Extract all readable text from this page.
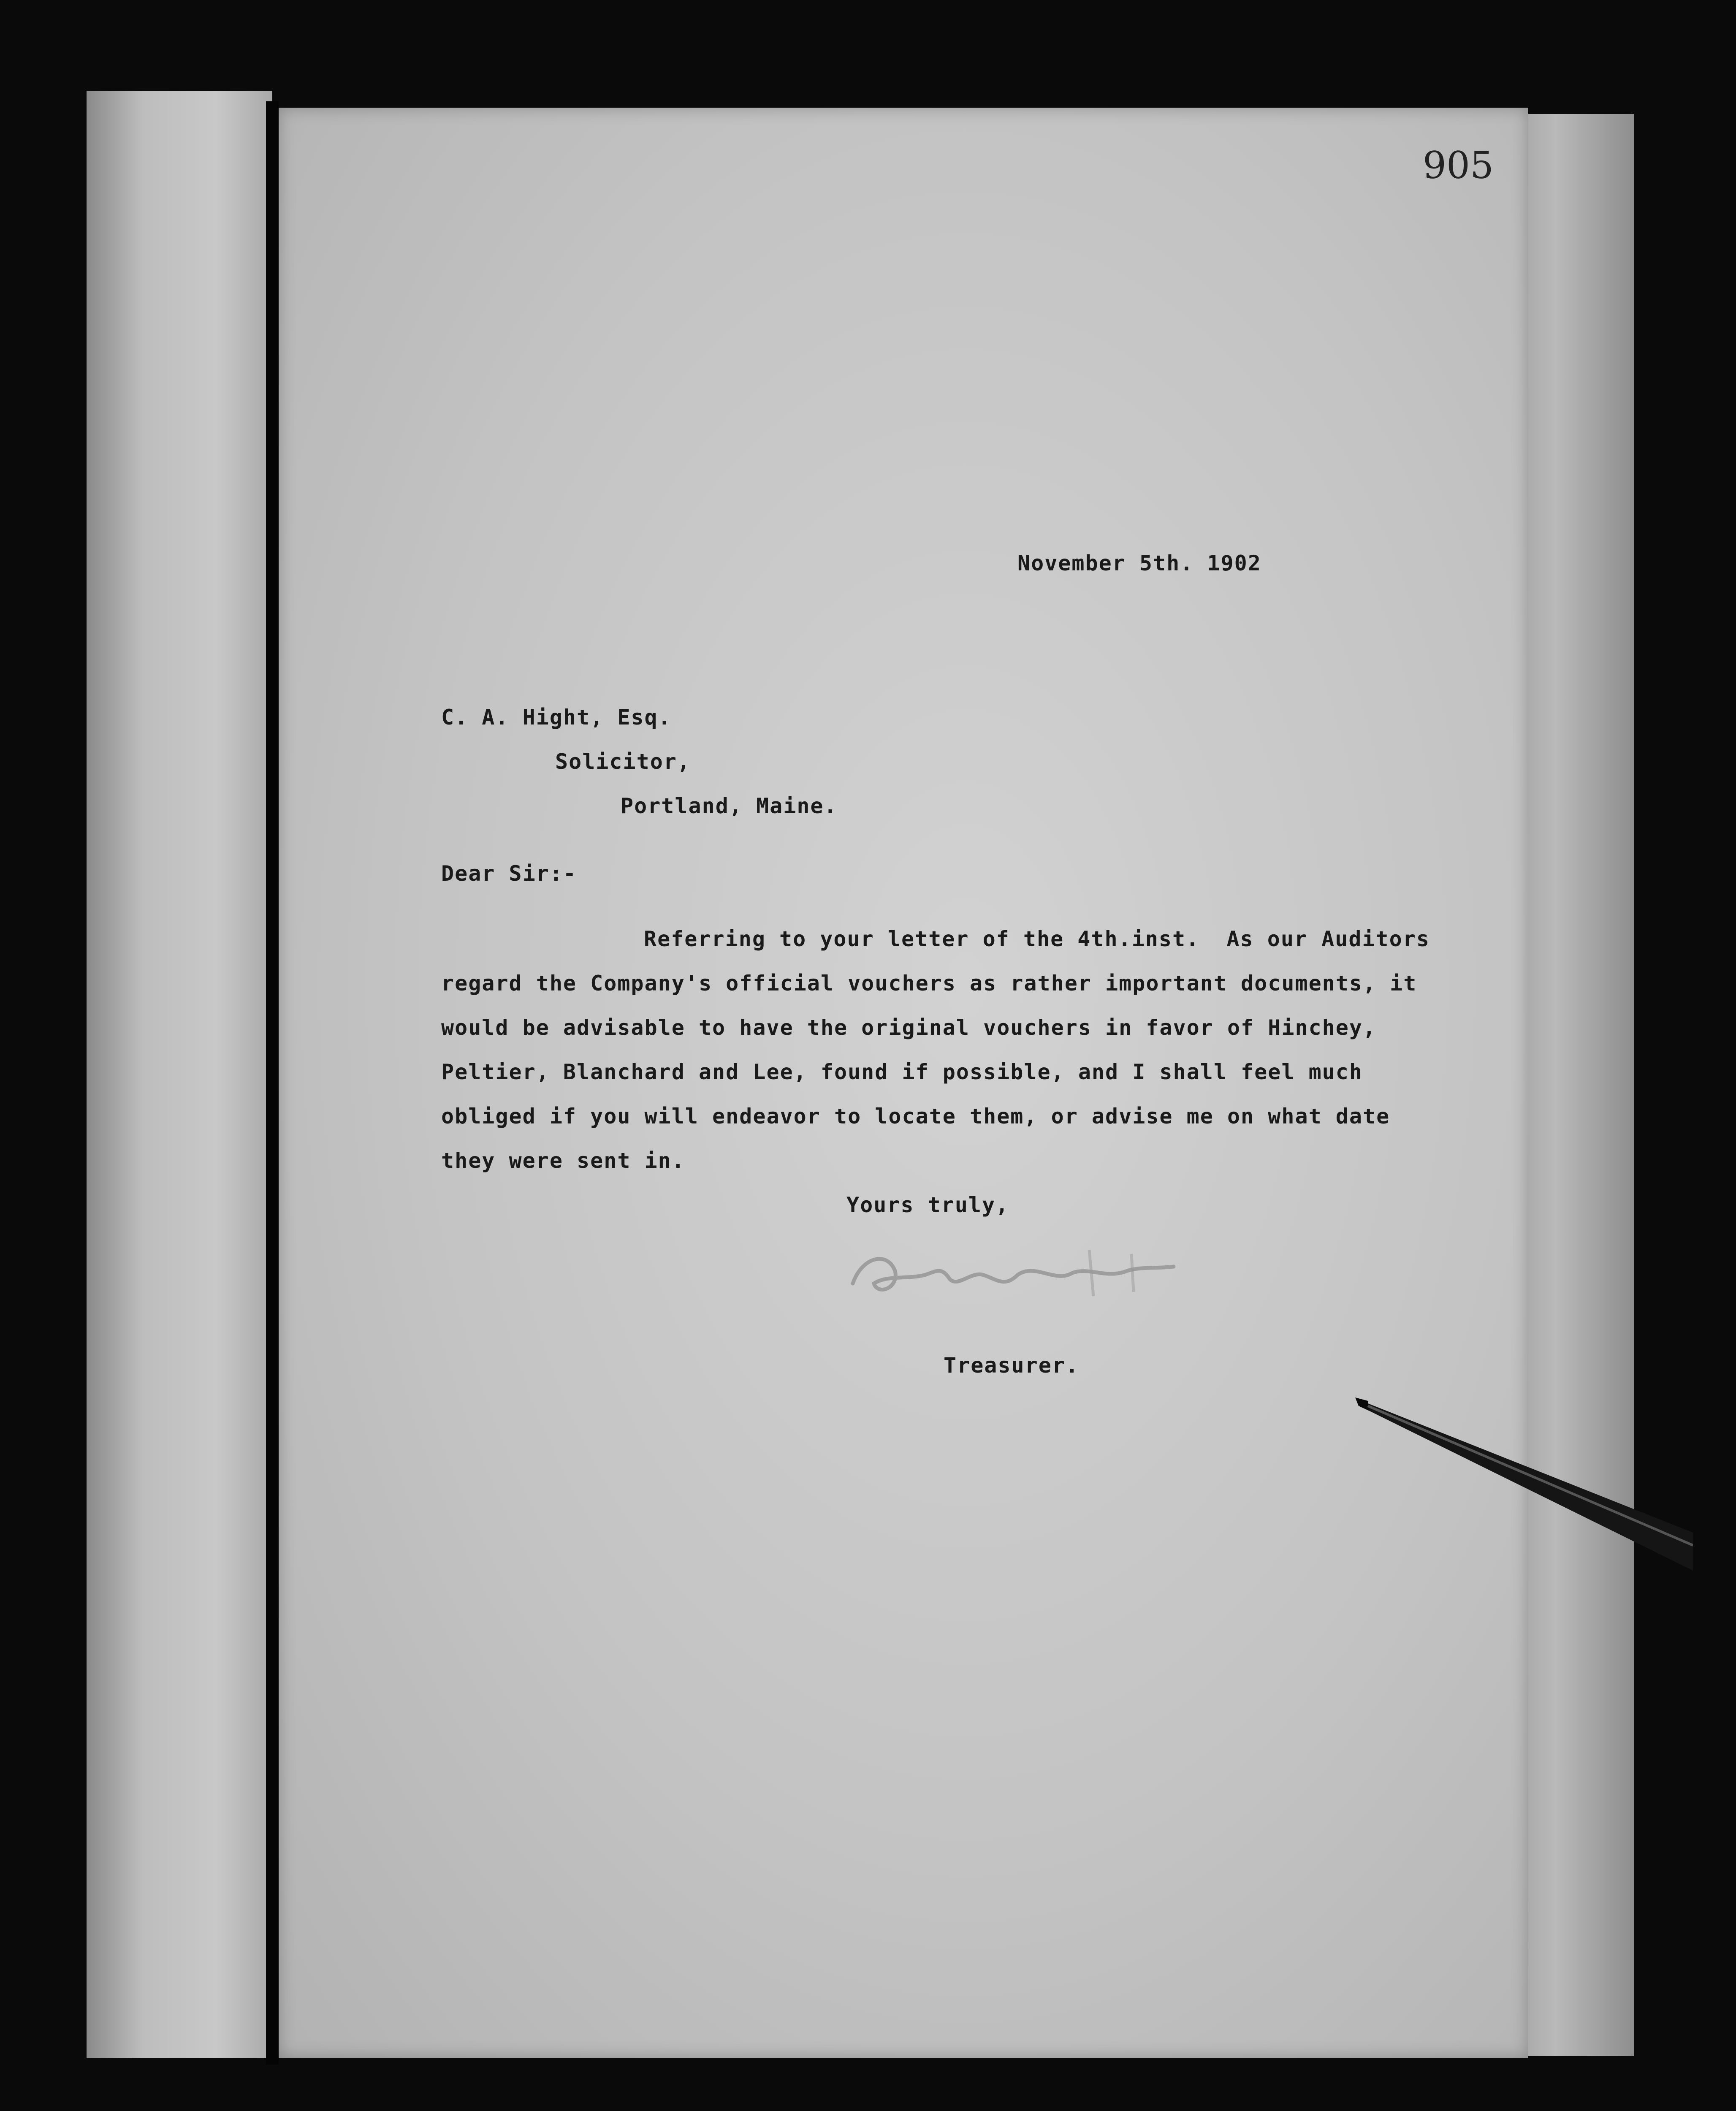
905
November 5th. 1902
C. A. Hight, Esq.
Solicitor,
Portland, Maine.
Dear Sir:-
Referring to your letter of the 4th.inst.  As our Auditors
regard the Company's official vouchers as rather important documents, it
would be advisable to have the original vouchers in favor of Hinchey,
Peltier, Blanchard and Lee, found if possible, and I shall feel much
obliged if you will endeavor to locate them, or advise me on what date
they were sent in.
Yours truly,
Treasurer.
